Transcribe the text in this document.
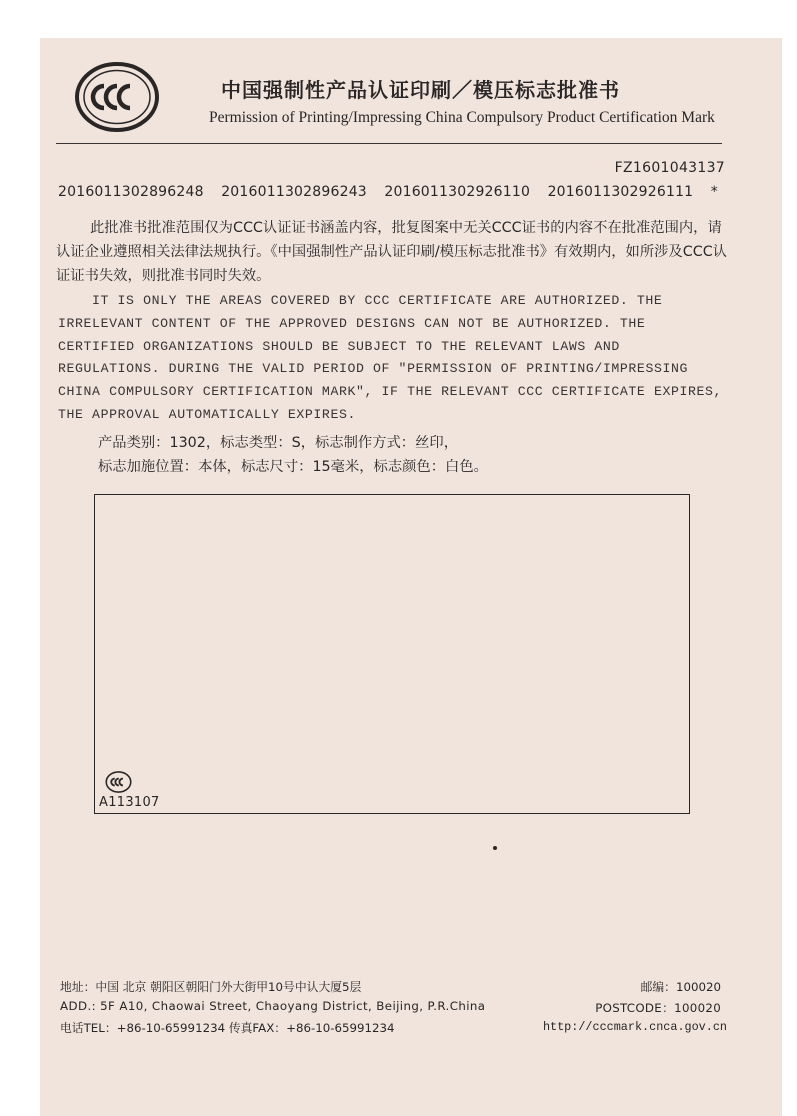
中国强制性产品认证印刷／模压标志批准书
Permission of Printing/Impressing China Compulsory Product Certification Mark
FZ1601043137
2016011302896248 2016011302896243 2016011302926110 2016011302926111 *
此批准书批准范围仅为CCC认证证书涵盖内容，批复图案中无关CCC证书的内容不在批准范围内，请认证企业遵照相关法律法规执行。《中国强制性产品认证印刷/模压标志批准书》有效期内，如所涉及CCC认证证书失效，则批准书同时失效。
IT IS ONLY THE AREAS COVERED BY CCC CERTIFICATE ARE AUTHORIZED. THE IRRELEVANT CONTENT OF THE APPROVED DESIGNS CAN NOT BE AUTHORIZED. THE CERTIFIED ORGANIZATIONS SHOULD BE SUBJECT TO THE RELEVANT LAWS AND REGULATIONS. DURING THE VALID PERIOD OF "PERMISSION OF PRINTING/IMPRESSING CHINA COMPULSORY CERTIFICATION MARK", IF THE RELEVANT CCC CERTIFICATE EXPIRES, THE APPROVAL AUTOMATICALLY EXPIRES.
产品类别：1302，标志类型：S，标志制作方式：丝印，
标志加施位置：本体，标志尺寸：15毫米，标志颜色：白色。
A113107
地址：中国 北京 朝阳区朝阳门外大街甲10号中认大厦5层
ADD.: 5F A10, Chaowai Street, Chaoyang District, Beijing, P.R.China
电话TEL：+86-10-65991234 传真FAX：+86-10-65991234
邮编：100020
POSTCODE：100020
http://cccmark.cnca.gov.cn
